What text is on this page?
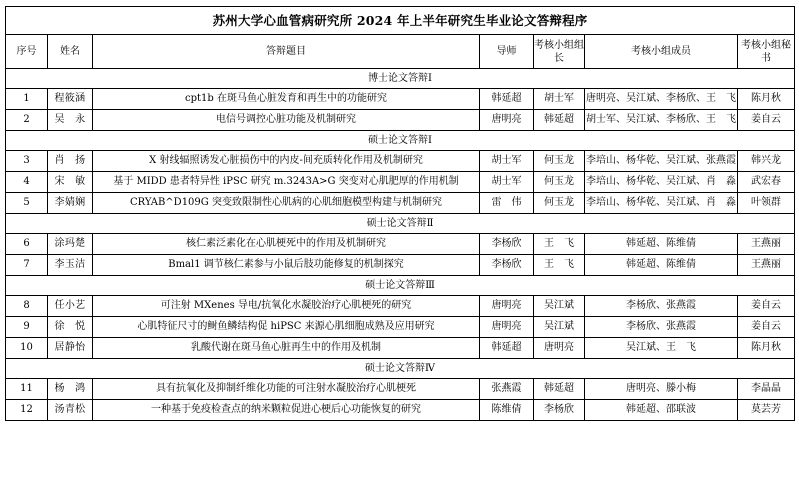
苏州大学心血管病研究所 2024 年上半年研究生毕业论文答辩程序						
序号	姓名	答辩题目	导师	考核小组组长	考核小组成员	考核小组秘书
博士论文答辩Ⅰ						
1	程筱涵	cpt1b 在斑马鱼心脏发育和再生中的功能研究	韩延超	胡士军	唐明亮、吴江斌、李杨欣、王　飞	陈月秋
2	吴　永	电信号调控心脏功能及机制研究	唐明亮	韩延超	胡士军、吴江斌、李杨欣、王　飞	姜自云
硕士论文答辩Ⅰ						
3	肖　扬	X 射线辐照诱发心脏损伤中的内皮-间充质转化作用及机制研究	胡士军	何玉龙	李培山、杨华乾、吴江斌、张燕霞	韩兴龙
4	宋　敏	基于 MIDD 患者特异性 iPSC 研究 m.3243A>G 突变对心肌肥厚的作用机制	胡士军	何玉龙	李培山、杨华乾、吴江斌、肖　淼	武宏春
5	李婧娴	CRYAB^D109G 突变致限制性心肌病的心肌细胞模型构建与机制研究	雷　伟	何玉龙	李培山、杨华乾、吴江斌、肖　淼	叶领群
硕士论文答辩Ⅱ						
6	涂玛楚	核仁素泛素化在心肌梗死中的作用及机制研究	李杨欣	王　飞	韩延超、陈维倩	王燕丽
7	李玉洁	Bmal1 调节核仁素参与小鼠后肢功能修复的机制探究	李杨欣	王　飞	韩延超、陈维倩	王燕丽
硕士论文答辩Ⅲ						
8	任小艺	可注射 MXenes 导电/抗氧化水凝胶治疗心肌梗死的研究	唐明亮	吴江斌	李杨欣、张燕霞	姜自云
9	徐　悦	心肌特征尺寸的鲥鱼鳞结构促 hiPSC 来源心肌细胞成熟及应用研究	唐明亮	吴江斌	李杨欣、张燕霞	姜自云
10	居静怡	乳酸代谢在斑马鱼心脏再生中的作用及机制	韩延超	唐明亮	吴江斌、王　飞	陈月秋
硕士论文答辩Ⅳ						
11	杨　鸿	具有抗氧化及抑制纤维化功能的可注射水凝胶治疗心肌梗死	张燕霞	韩延超	唐明亮、滕小梅	李晶晶
12	汤青松	一种基于免疫检查点的纳米颗粒促进心梗后心功能恢复的研究	陈维倩	李杨欣	韩延超、邵联波	莫芸芳
